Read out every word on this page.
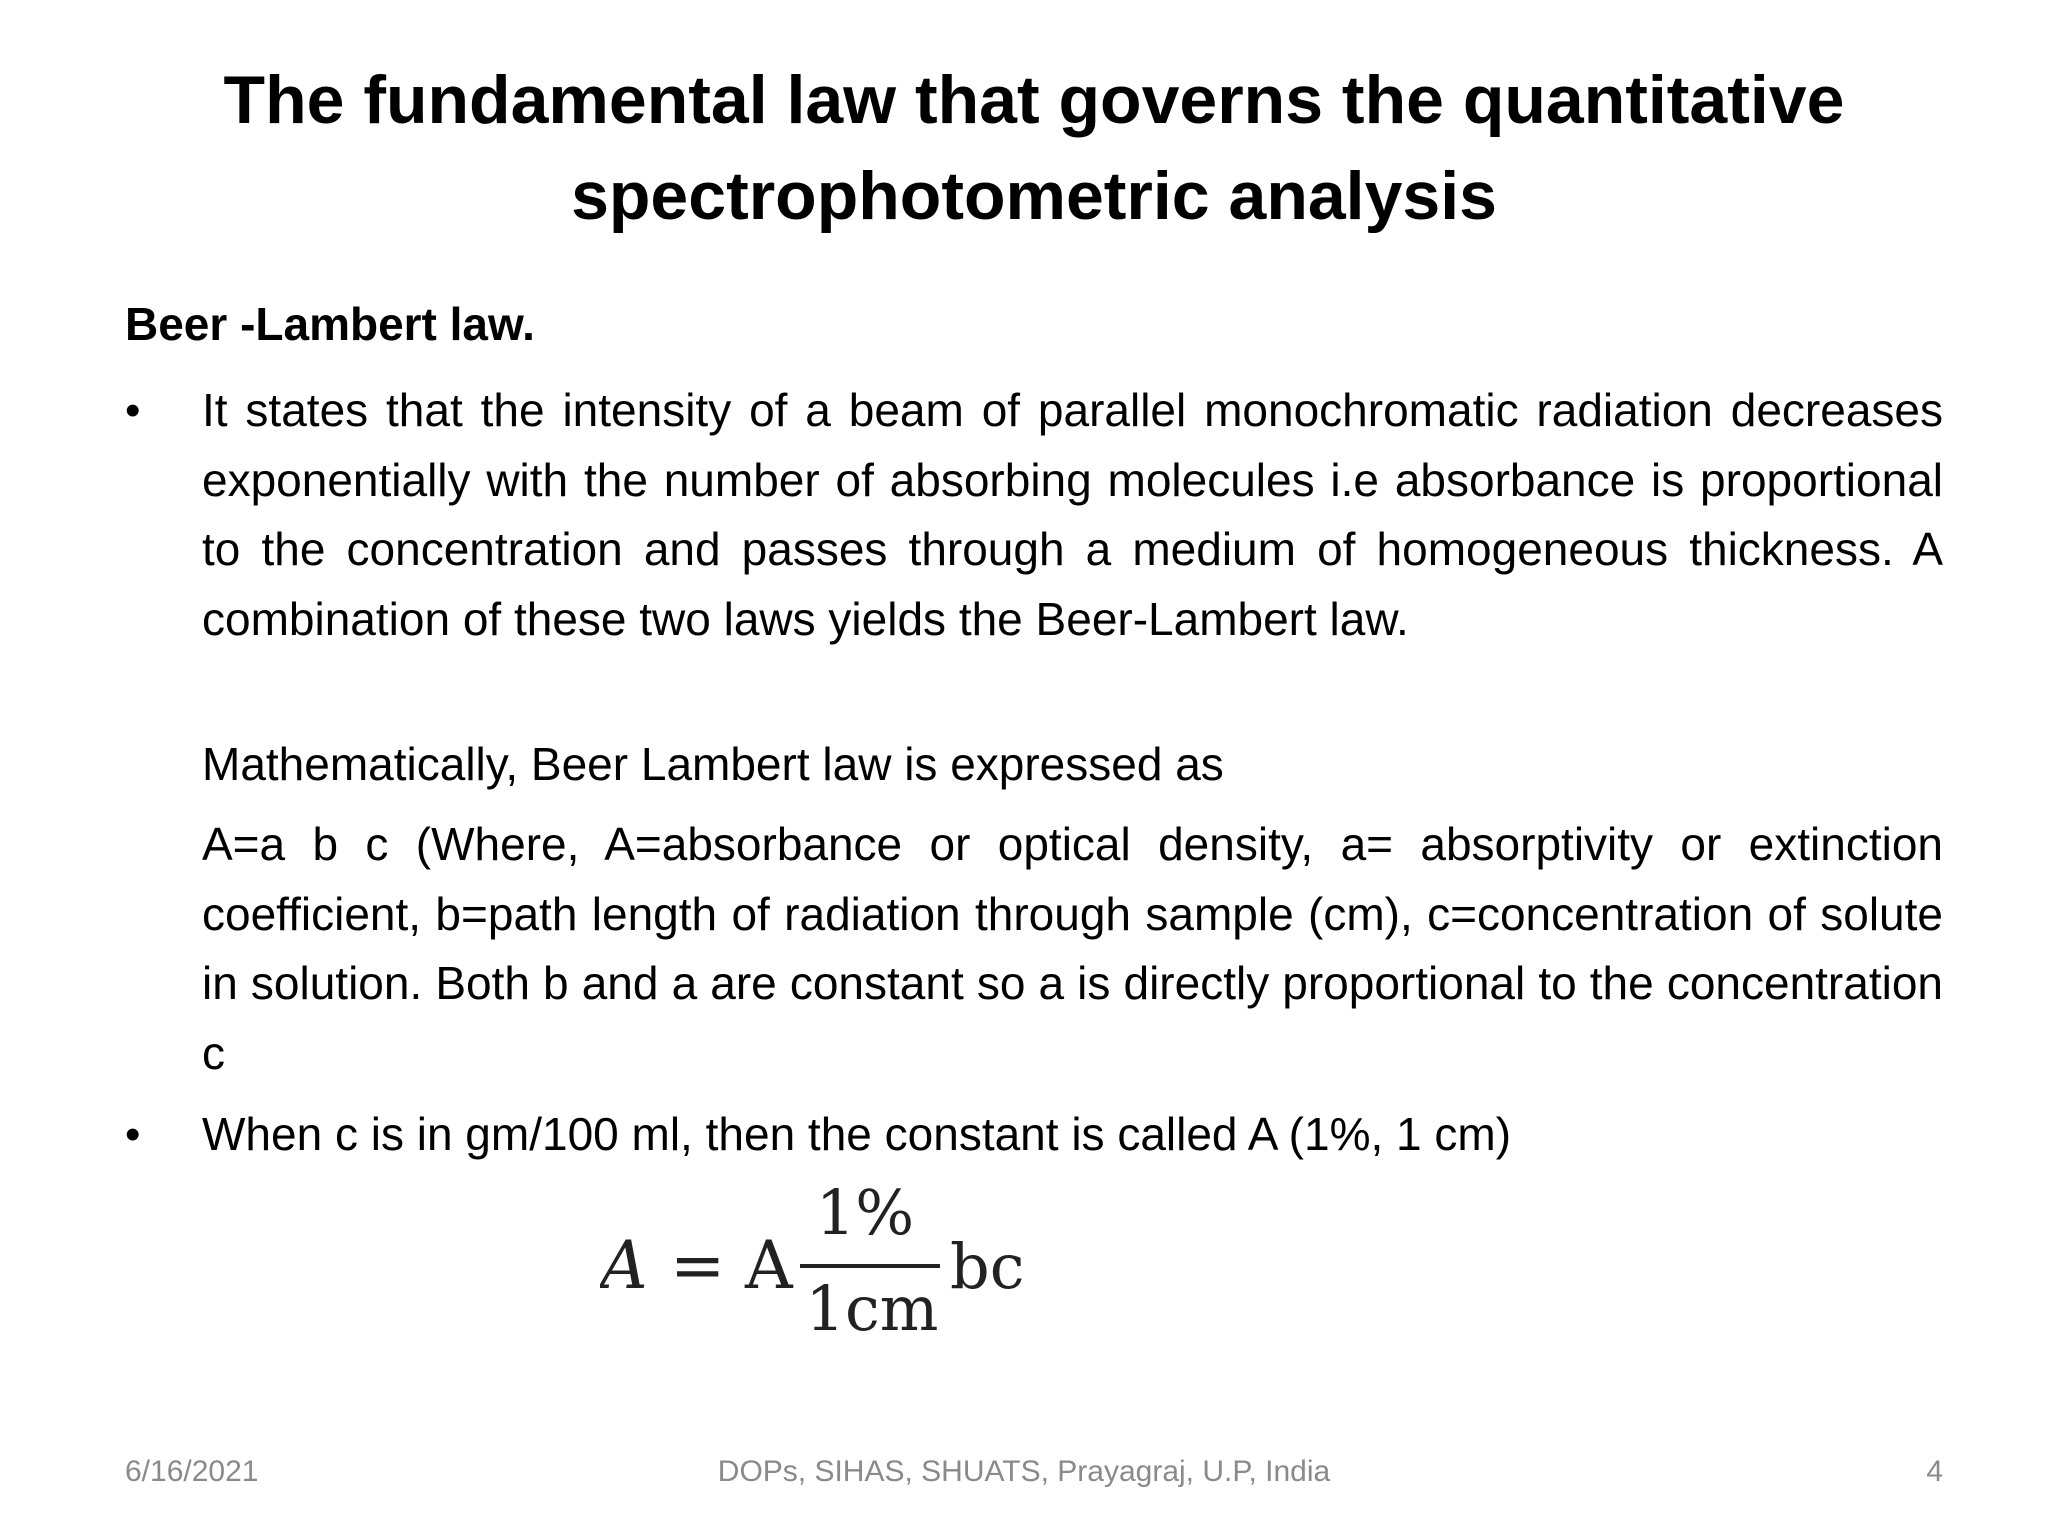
The fundamental law that governs the quantitative
spectrophotometric analysis
Beer -Lambert law.
•	It states that the intensity of a beam of parallel monochromatic radiation decreases exponentially with the number of absorbing molecules i.e absorbance is proportional to the concentration and passes through a medium of homogeneous thickness. A combination of these two laws yields the Beer-Lambert law.

Mathematically, Beer Lambert law is expressed as

A=a b c (Where, A=absorbance or optical density, a= absorptivity or extinction coefficient, b=path length of radiation through sample (cm), c=concentration of solute in solution. Both b and a are constant so a is directly proportional to the concentration c

•	When c is in gm/100 ml, then the constant is called A (1%, 1 cm)
A = A
1%
1cm
bc
6/16/2021	DOPs, SIHAS, SHUATS, Prayagraj, U.P, India	4
